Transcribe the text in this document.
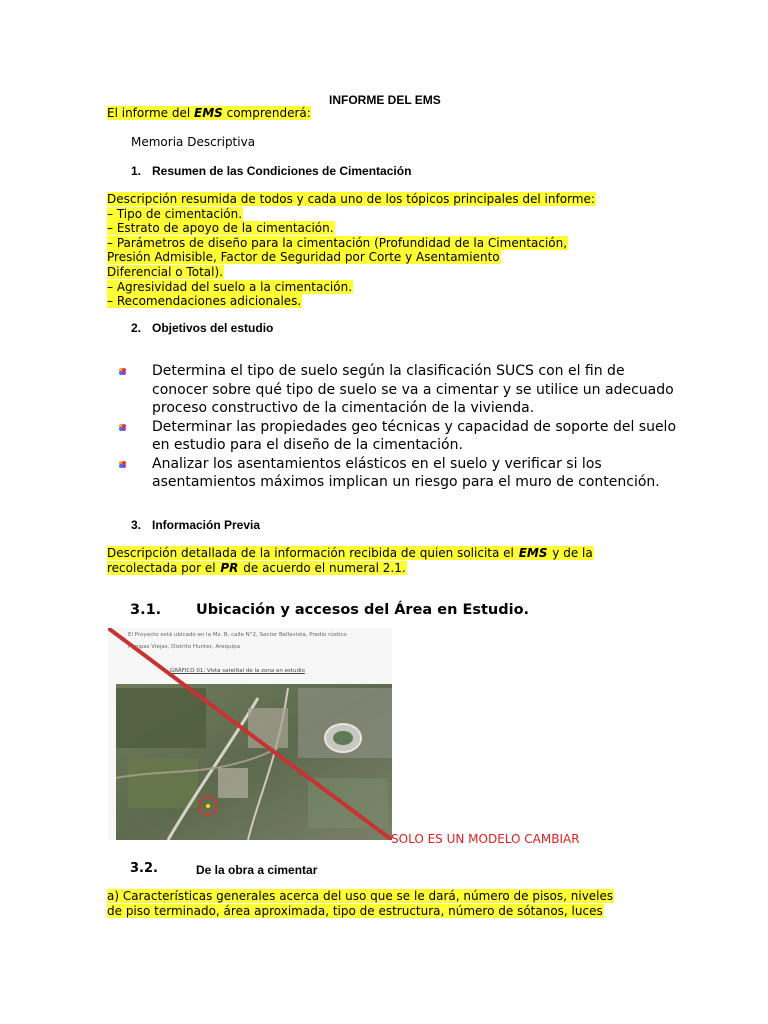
INFORME DEL EMS
El informe del EMS comprenderá:
Memoria Descriptiva
1. Resumen de las Condiciones de Cimentación
Descripción resumida de todos y cada uno de los tópicos principales del informe:
– Tipo de cimentación.
– Estrato de apoyo de la cimentación.
– Parámetros de diseño para la cimentación (Profundidad de la Cimentación,
Presión Admisible, Factor de Seguridad por Corte y Asentamiento
Diferencial o Total).
– Agresividad del suelo a la cimentación.
– Recomendaciones adicionales.
2. Objetivos del estudio
Determina el tipo de suelo según la clasificación SUCS con el fin de conocer sobre qué tipo de suelo se va a cimentar y se utilice un adecuado proceso constructivo de la cimentación de la vivienda.
Determinar las propiedades geo técnicas y capacidad de soporte del suelo en estudio para el diseño de la cimentación.
Analizar los asentamientos elásticos en el suelo y verificar si los asentamientos máximos implican un riesgo para el muro de contención.
3. Información Previa
Descripción detallada de la información recibida de quien solicita el EMS y de la
recolectada por el PR de acuerdo el numeral 2.1.
3.1. Ubicación y accesos del Área en Estudio.
El Proyecto está ubicado en la Mz. B, calle N°2, Sector Bellavista, Predio rústico
Pampas Viejas, Distrito Hunter, Arequipa
GRÁFICO 01: Vista satelital de la zona en estudio
SOLO ES UN MODELO CAMBIAR
3.2.	De la obra a cimentar
a) Características generales acerca del uso que se le dará, número de pisos, niveles
de piso terminado, área aproximada, tipo de estructura, número de sótanos, luces
